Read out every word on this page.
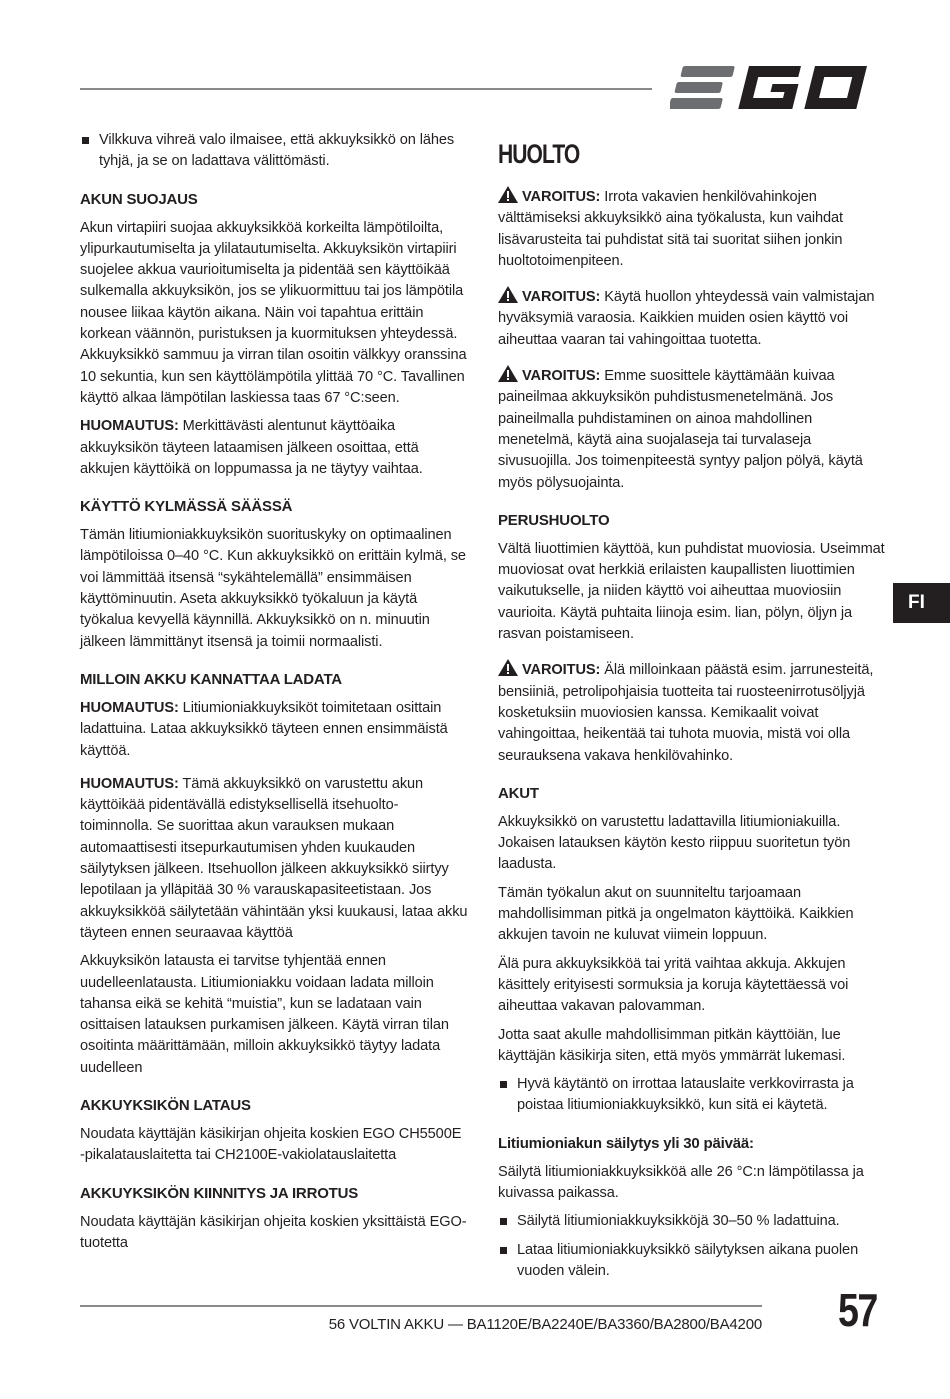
EGO
Vilkkuva vihreä valo ilmaisee, että akkuyksikkö on lähes tyhjä, ja se on ladattava välittömästi.
AKUN SUOJAUS
Akun virtapiiri suojaa akkuyksikköä korkeilta lämpötiloilta, ylipurkautumiselta ja ylilatautumiselta. Akkuyksikön virtapiiri suojelee akkua vaurioitumiselta ja pidentää sen käyttöikää sulkemalla akkuyksikön, jos se ylikuormittuu tai jos lämpötila nousee liikaa käytön aikana. Näin voi tapahtua erittäin korkean väännön, puristuksen ja kuormituksen yhteydessä. Akkuyksikkö sammuu ja virran tilan osoitin välkkyy oranssina 10 sekuntia, kun sen käyttölämpötila ylittää 70 °C. Tavallinen käyttö alkaa lämpötilan laskiessa taas 67 °C:seen.
HUOMAUTUS: Merkittävästi alentunut käyttöaika akkuyksikön täyteen lataamisen jälkeen osoittaa, että akkujen käyttöikä on loppumassa ja ne täytyy vaihtaa.
KÄYTTÖ KYLMÄSSÄ SÄÄSSÄ
Tämän litiumioniakkuyksikön suorituskyky on optimaalinen lämpötiloissa 0–40 °C. Kun akkuyksikkö on erittäin kylmä, se voi lämmittää itsensä “sykähtelemällä” ensimmäisen käyttöminuutin. Aseta akkuyksikkö työkaluun ja käytä työkalua kevyellä käynnillä. Akkuyksikkö on n. minuutin jälkeen lämmittänyt itsensä ja toimii normaalisti.
MILLOIN AKKU KANNATTAA LADATA
HUOMAUTUS: Litiumioniakkuyksiköt toimitetaan osittain ladattuina. Lataa akkuyksikkö täyteen ennen ensimmäistä käyttöä.
HUOMAUTUS: Tämä akkuyksikkö on varustettu akun käyttöikää pidentävällä edistyksellisellä itsehuolto-toiminnolla. Se suorittaa akun varauksen mukaan automaattisesti itsepurkautumisen yhden kuukauden säilytyksen jälkeen. Itsehuollon jälkeen akkuyksikkö siirtyy lepotilaan ja ylläpitää 30 % varauskapasiteetistaan. Jos akkuyksikköä säilytetään vähintään yksi kuukausi, lataa akku täyteen ennen seuraavaa käyttöä
Akkuyksikön latausta ei tarvitse tyhjentää ennen uudelleenlatausta. Litiumioniakku voidaan ladata milloin tahansa eikä se kehitä “muistia”, kun se ladataan vain osittaisen latauksen purkamisen jälkeen. Käytä virran tilan osoitinta määrittämään, milloin akkuyksikkö täytyy ladata uudelleen
AKKUYKSIKÖN LATAUS
Noudata käyttäjän käsikirjan ohjeita koskien EGO CH5500E -pikalatauslaitetta tai CH2100E-vakiolatauslaitetta
AKKUYKSIKÖN KIINNITYS JA IRROTUS
Noudata käyttäjän käsikirjan ohjeita koskien yksittäistä EGO-tuotetta
HUOLTO
VAROITUS: Irrota vakavien henkilövahinkojen välttämiseksi akkuyksikkö aina työkalusta, kun vaihdat lisävarusteita tai puhdistat sitä tai suoritat siihen jonkin huoltotoimenpiteen.
VAROITUS: Käytä huollon yhteydessä vain valmistajan hyväksymiä varaosia. Kaikkien muiden osien käyttö voi aiheuttaa vaaran tai vahingoittaa tuotetta.
VAROITUS: Emme suosittele käyttämään kuivaa paineilmaa akkuyksikön puhdistusmenetelmänä. Jos paineilmalla puhdistaminen on ainoa mahdollinen menetelmä, käytä aina suojalaseja tai turvalaseja sivusuojilla. Jos toimenpiteestä syntyy paljon pölyä, käytä myös pölysuojainta.
PERUSHUOLTO
Vältä liuottimien käyttöä, kun puhdistat muoviosia. Useimmat muoviosat ovat herkkiä erilaisten kaupallisten liuottimien vaikutukselle, ja niiden käyttö voi aiheuttaa muoviosiin vaurioita. Käytä puhtaita liinoja esim. lian, pölyn, öljyn ja rasvan poistamiseen.
VAROITUS: Älä milloinkaan päästä esim. jarrunesteitä, bensiiniä, petrolipohjaisia tuotteita tai ruosteenirrotusöljyjä kosketuksiin muoviosien kanssa. Kemikaalit voivat vahingoittaa, heikentää tai tuhota muovia, mistä voi olla seurauksena vakava henkilövahinko.
AKUT
Akkuyksikkö on varustettu ladattavilla litiumioniakuilla. Jokaisen latauksen käytön kesto riippuu suoritetun työn laadusta.
Tämän työkalun akut on suunniteltu tarjoamaan mahdollisimman pitkä ja ongelmaton käyttöikä. Kaikkien akkujen tavoin ne kuluvat viimein loppuun.
Älä pura akkuyksikköä tai yritä vaihtaa akkuja. Akkujen käsittely erityisesti sormuksia ja koruja käytettäessä voi aiheuttaa vakavan palovamman.
Jotta saat akulle mahdollisimman pitkän käyttöiän, lue käyttäjän käsikirja siten, että myös ymmärrät lukemasi.
Hyvä käytäntö on irrottaa latauslaite verkkovirrasta ja poistaa litiumioniakkuyksikkö, kun sitä ei käytetä.
Litiumioniakun säilytys yli 30 päivää:
Säilytä litiumioniakkuyksikköä alle 26 °C:n lämpötilassa ja kuivassa paikassa.
Säilytä litiumioniakkuyksikköjä 30–50 % ladattuina.
Lataa litiumioniakkuyksikkö säilytyksen aikana puolen vuoden välein.
FI
56 VOLTIN AKKU — BA1120E/BA2240E/BA3360/BA2800/BA4200 57
